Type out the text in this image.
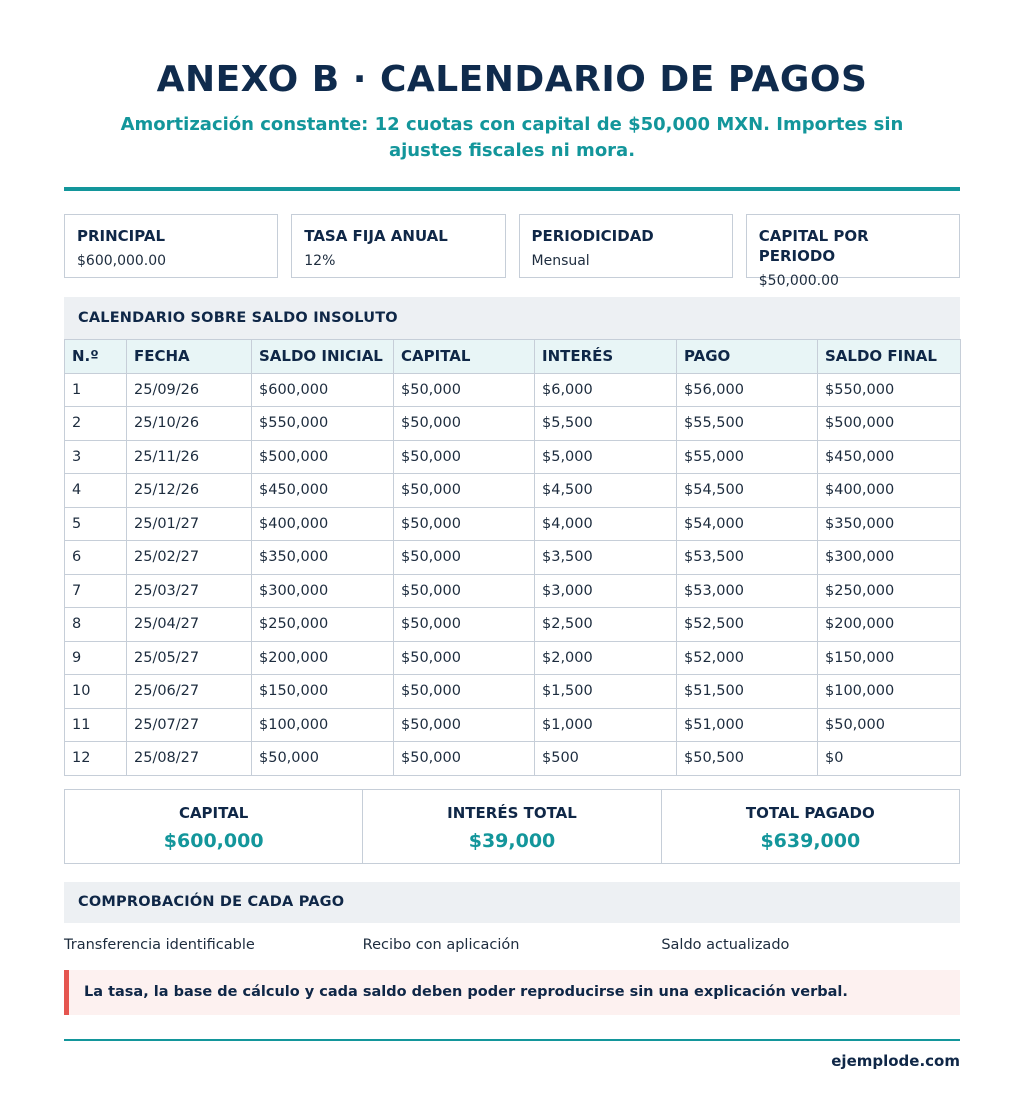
ANEXO B · CALENDARIO DE PAGOS
Amortización constante: 12 cuotas con capital de $50,000 MXN. Importes sin ajustes fiscales ni mora.
PRINCIPAL
$600,000.00
TASA FIJA ANUAL
12%
PERIODICIDAD
Mensual
CAPITAL POR PERIODO
$50,000.00
CALENDARIO SOBRE SALDO INSOLUTO
N.º	FECHA	SALDO INICIAL	CAPITAL	INTERÉS	PAGO	SALDO FINAL
1	25/09/26	$600,000	$50,000	$6,000	$56,000	$550,000
2	25/10/26	$550,000	$50,000	$5,500	$55,500	$500,000
3	25/11/26	$500,000	$50,000	$5,000	$55,000	$450,000
4	25/12/26	$450,000	$50,000	$4,500	$54,500	$400,000
5	25/01/27	$400,000	$50,000	$4,000	$54,000	$350,000
6	25/02/27	$350,000	$50,000	$3,500	$53,500	$300,000
7	25/03/27	$300,000	$50,000	$3,000	$53,000	$250,000
8	25/04/27	$250,000	$50,000	$2,500	$52,500	$200,000
9	25/05/27	$200,000	$50,000	$2,000	$52,000	$150,000
10	25/06/27	$150,000	$50,000	$1,500	$51,500	$100,000
11	25/07/27	$100,000	$50,000	$1,000	$51,000	$50,000
12	25/08/27	$50,000	$50,000	$500	$50,500	$0
CAPITAL
$600,000
INTERÉS TOTAL
$39,000
TOTAL PAGADO
$639,000
COMPROBACIÓN DE CADA PAGO
Transferencia identificable	Recibo con aplicación	Saldo actualizado
La tasa, la base de cálculo y cada saldo deben poder reproducirse sin una explicación verbal.
ejemplode.com
